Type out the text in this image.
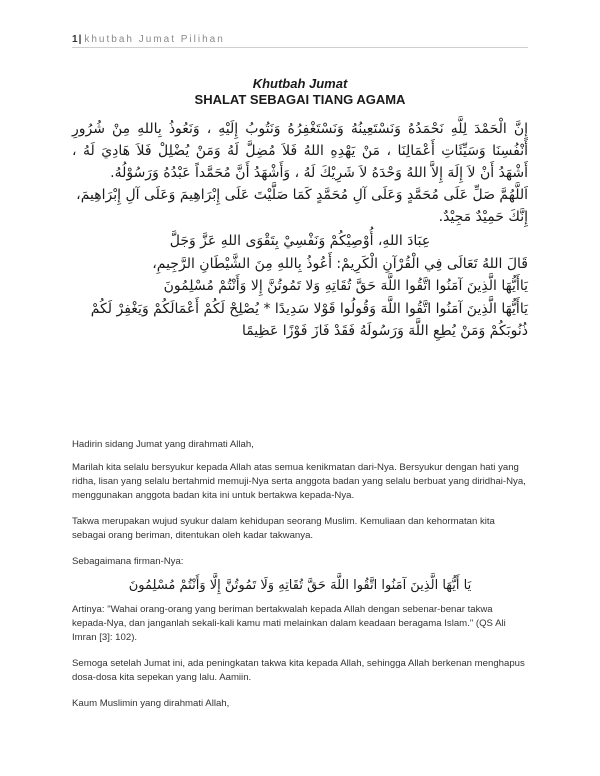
1| khutbah Jumat Pilihan
Khutbah Jumat
SHALAT SEBAGAI TIANG AGAMA
إِنَّ الْحَمْدَ لِلَّهِ نَحْمَدُهُ وَنَسْتَعِينُهُ وَنَسْتَغْفِرُهُ وَنَتُوبُ إِلَيْهِ ، وَنَعُوذُ بِاللهِ مِنْ شُرُورِ أَنْفُسِنَا وَسَيِّئَاتِ أَعْمَالِنَا ، مَنْ يَهْدِهِ اللهُ فَلاَ مُضِلَّ لَهُ وَمَنْ يُضْلِلْ فَلاَ هَادِيَ لَهُ ، أَشْهَدُ أَنْ لاَ إِلَهَ إِلاَّ اللهُ وَحْدَهُ لاَ شَرِيْكَ لَهُ ، وَأَشْهَدُ أَنَّ مُحَمَّداً عَبْدُهُ وَرَسُوْلُهُ.
اَللَّهُمَّ صَلِّ عَلَى مُحَمَّدٍ وَعَلَى آلِ مُحَمَّدٍ كَمَا صَلَّيْتَ عَلَى إِبْرَاهِيمَ وَعَلَى آلِ إِبْرَاهِيمَ، إِنَّكَ حَمِيْدٌ مَجِيْدٌ.
عِبَادَ اللهِ، أُوْصِيْكُمْ وَنَفْسِيْ بِتَقْوَى اللهِ عَزَّ وَجَلَّ
قَالَ اللهُ تَعَالَى فِي الْقُرْآنِ الْكَرِيمْ: أَعُوذُ بِاللهِ مِنَ الشَّيْطَانِ الرَّجِيمِ،
يَاأَيُّهَا الَّذِينَ آمَنُوا اتَّقُوا اللَّهَ حَقَّ تُقَاتِهِ وَلا تَمُوتُنَّ إِلا وَأَنْتُمْ مُسْلِمُونَ
يَاأَيُّهَا الَّذِينَ آمَنُوا اتَّقُوا اللَّهَ وَقُولُوا قَوْلا سَدِيدًا * يُصْلِحْ لَكُمْ أَعْمَالَكُمْ وَيَغْفِرْ لَكُمْ ذُنُوبَكُمْ وَمَنْ يُطِعِ اللَّهَ وَرَسُولَهُ فَقَدْ فَازَ فَوْزًا عَظِيمًا
Hadirin sidang Jumat yang dirahmati Allah,
Marilah kita selalu bersyukur kepada Allah atas semua kenikmatan dari-Nya. Bersyukur dengan hati yang ridha, lisan yang selalu bertahmid memuji-Nya serta anggota badan yang selalu berbuat yang diridhai-Nya, menggunakan anggota badan kita ini untuk bertakwa kepada-Nya.
Takwa merupakan wujud syukur dalam kehidupan seorang Muslim. Kemuliaan dan kehormatan kita sebagai orang beriman, ditentukan oleh kadar takwanya.
Sebagaimana firman-Nya:
يَا أَيُّهَا الَّذِينَ آمَنُوا اتَّقُوا اللَّهَ حَقَّ تُقَاتِهِ وَلَا تَمُوتُنَّ إِلَّا وَأَنْتُمْ مُسْلِمُونَ
Artinya: "Wahai orang-orang yang beriman bertakwalah kepada Allah dengan sebenar-benar takwa kepada-Nya, dan janganlah sekali-kali kamu mati melainkan dalam keadaan beragama Islam." (QS Ali Imran [3]: 102).
Semoga setelah Jumat ini, ada peningkatan takwa kita kepada Allah, sehingga Allah berkenan menghapus dosa-dosa kita sepekan yang lalu. Aamiin.
Kaum Muslimin yang dirahmati Allah,
